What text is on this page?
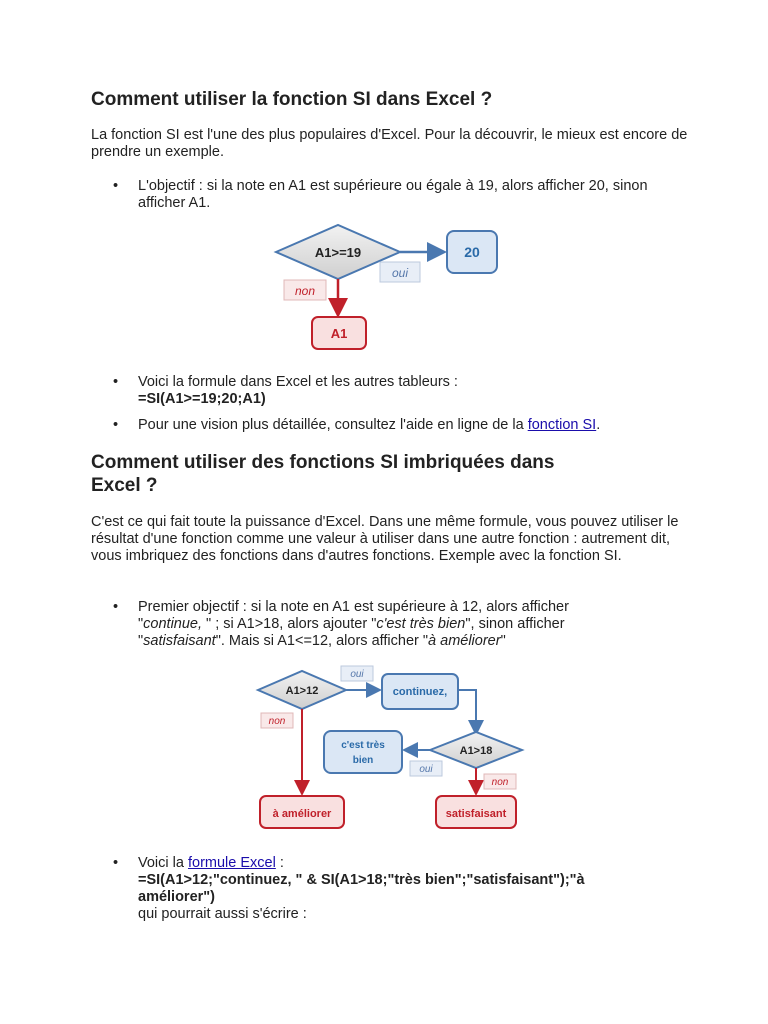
Comment utiliser la fonction SI dans Excel ?

La fonction SI est l'une des plus populaires d'Excel. Pour la découvrir, le mieux est encore de prendre un exemple.

• L'objectif : si la note en A1 est supérieure ou égale à 19, alors afficher 20, sinon afficher A1.
A1>=19	20
oui
non
A1
• Voici la formule dans Excel et les autres tableurs :
=SI(A1>=19;20;A1)
• Pour une vision plus détaillée, consultez l'aide en ligne de la fonction SI.
Comment utiliser des fonctions SI imbriquées dans
Excel ?

C'est ce qui fait toute la puissance d'Excel. Dans une même formule, vous pouvez utiliser le résultat d'une fonction comme une valeur à utiliser dans une autre fonction : autrement dit, vous imbriquez des fonctions dans d'autres fonctions. Exemple avec la fonction SI.

• Premier objectif : si la note en A1 est supérieure à 12, alors afficher "continue, " ; si A1>18, alors ajouter "c'est très bien", sinon afficher "satisfaisant". Mais si A1<=12, alors afficher "à améliorer"
A1>12
oui
continuez,
A1>18
oui
c'est très
bien
non
à améliorer
non
satisfaisant
• Voici la formule Excel :
=SI(A1>12;"continuez, " & SI(A1>18;"très bien";"satisfaisant");"à
améliorer")
qui pourrait aussi s'écrire :
